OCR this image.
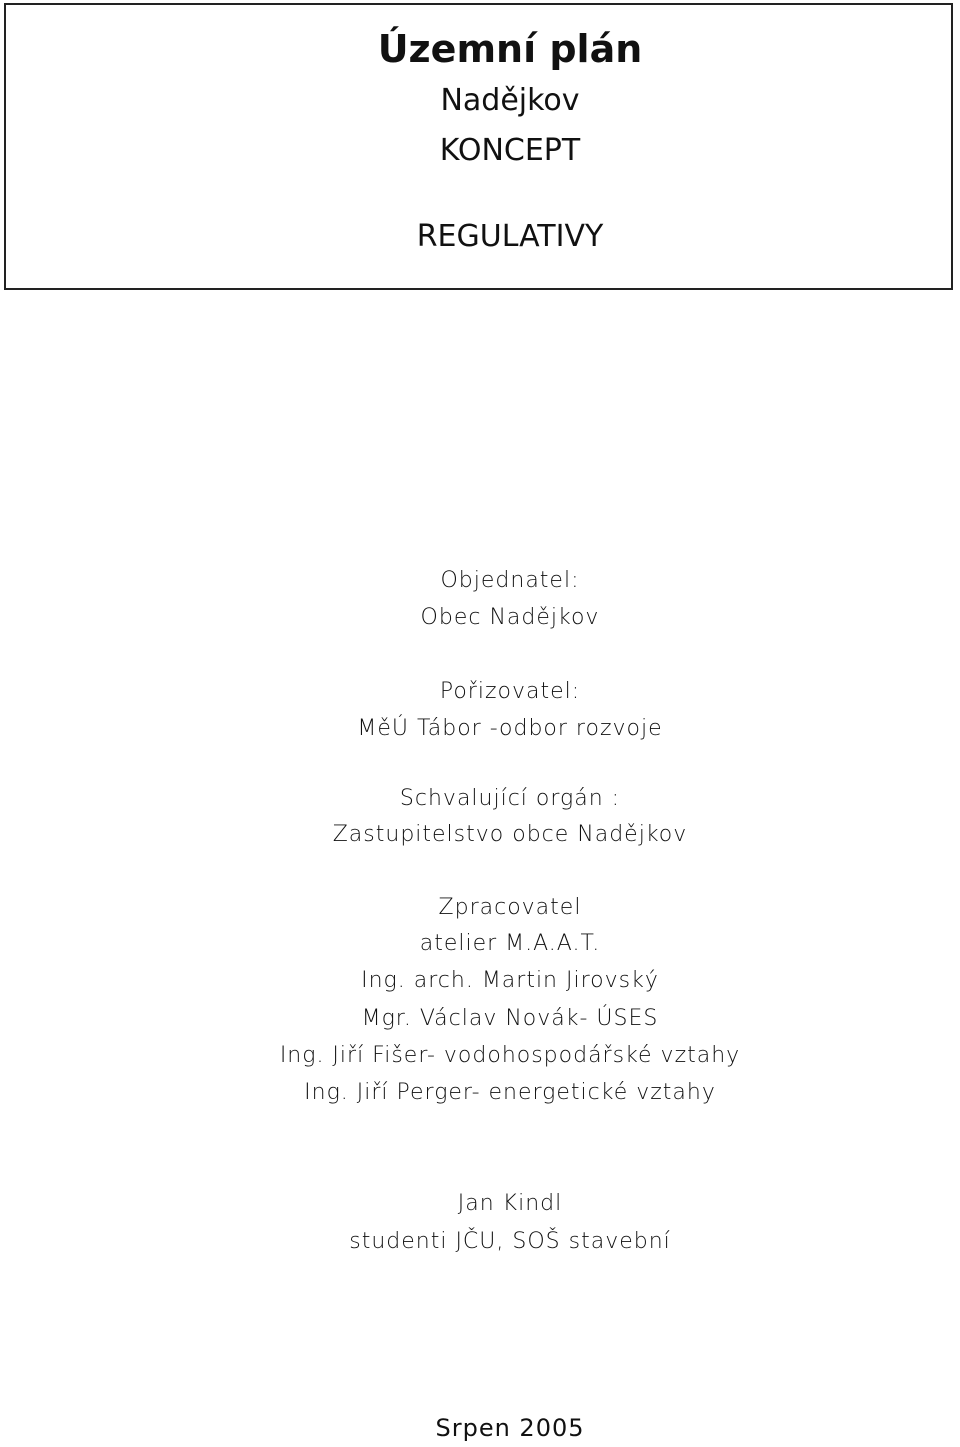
Územní plán
Nadějkov
KONCEPT
REGULATIVY
Objednatel:
Obec Nadějkov
Pořizovatel:
MěÚ Tábor -odbor rozvoje
Schvalující orgán :
Zastupitelstvo obce Nadějkov
Zpracovatel
atelier M.A.A.T.
Ing. arch. Martin Jirovský
Mgr. Václav Novák- ÚSES
Ing. Jiří Fišer- vodohospodářské vztahy
Ing. Jiří Perger- energetické vztahy
Jan Kindl
studenti JČU, SOŠ stavební
Srpen 2005
